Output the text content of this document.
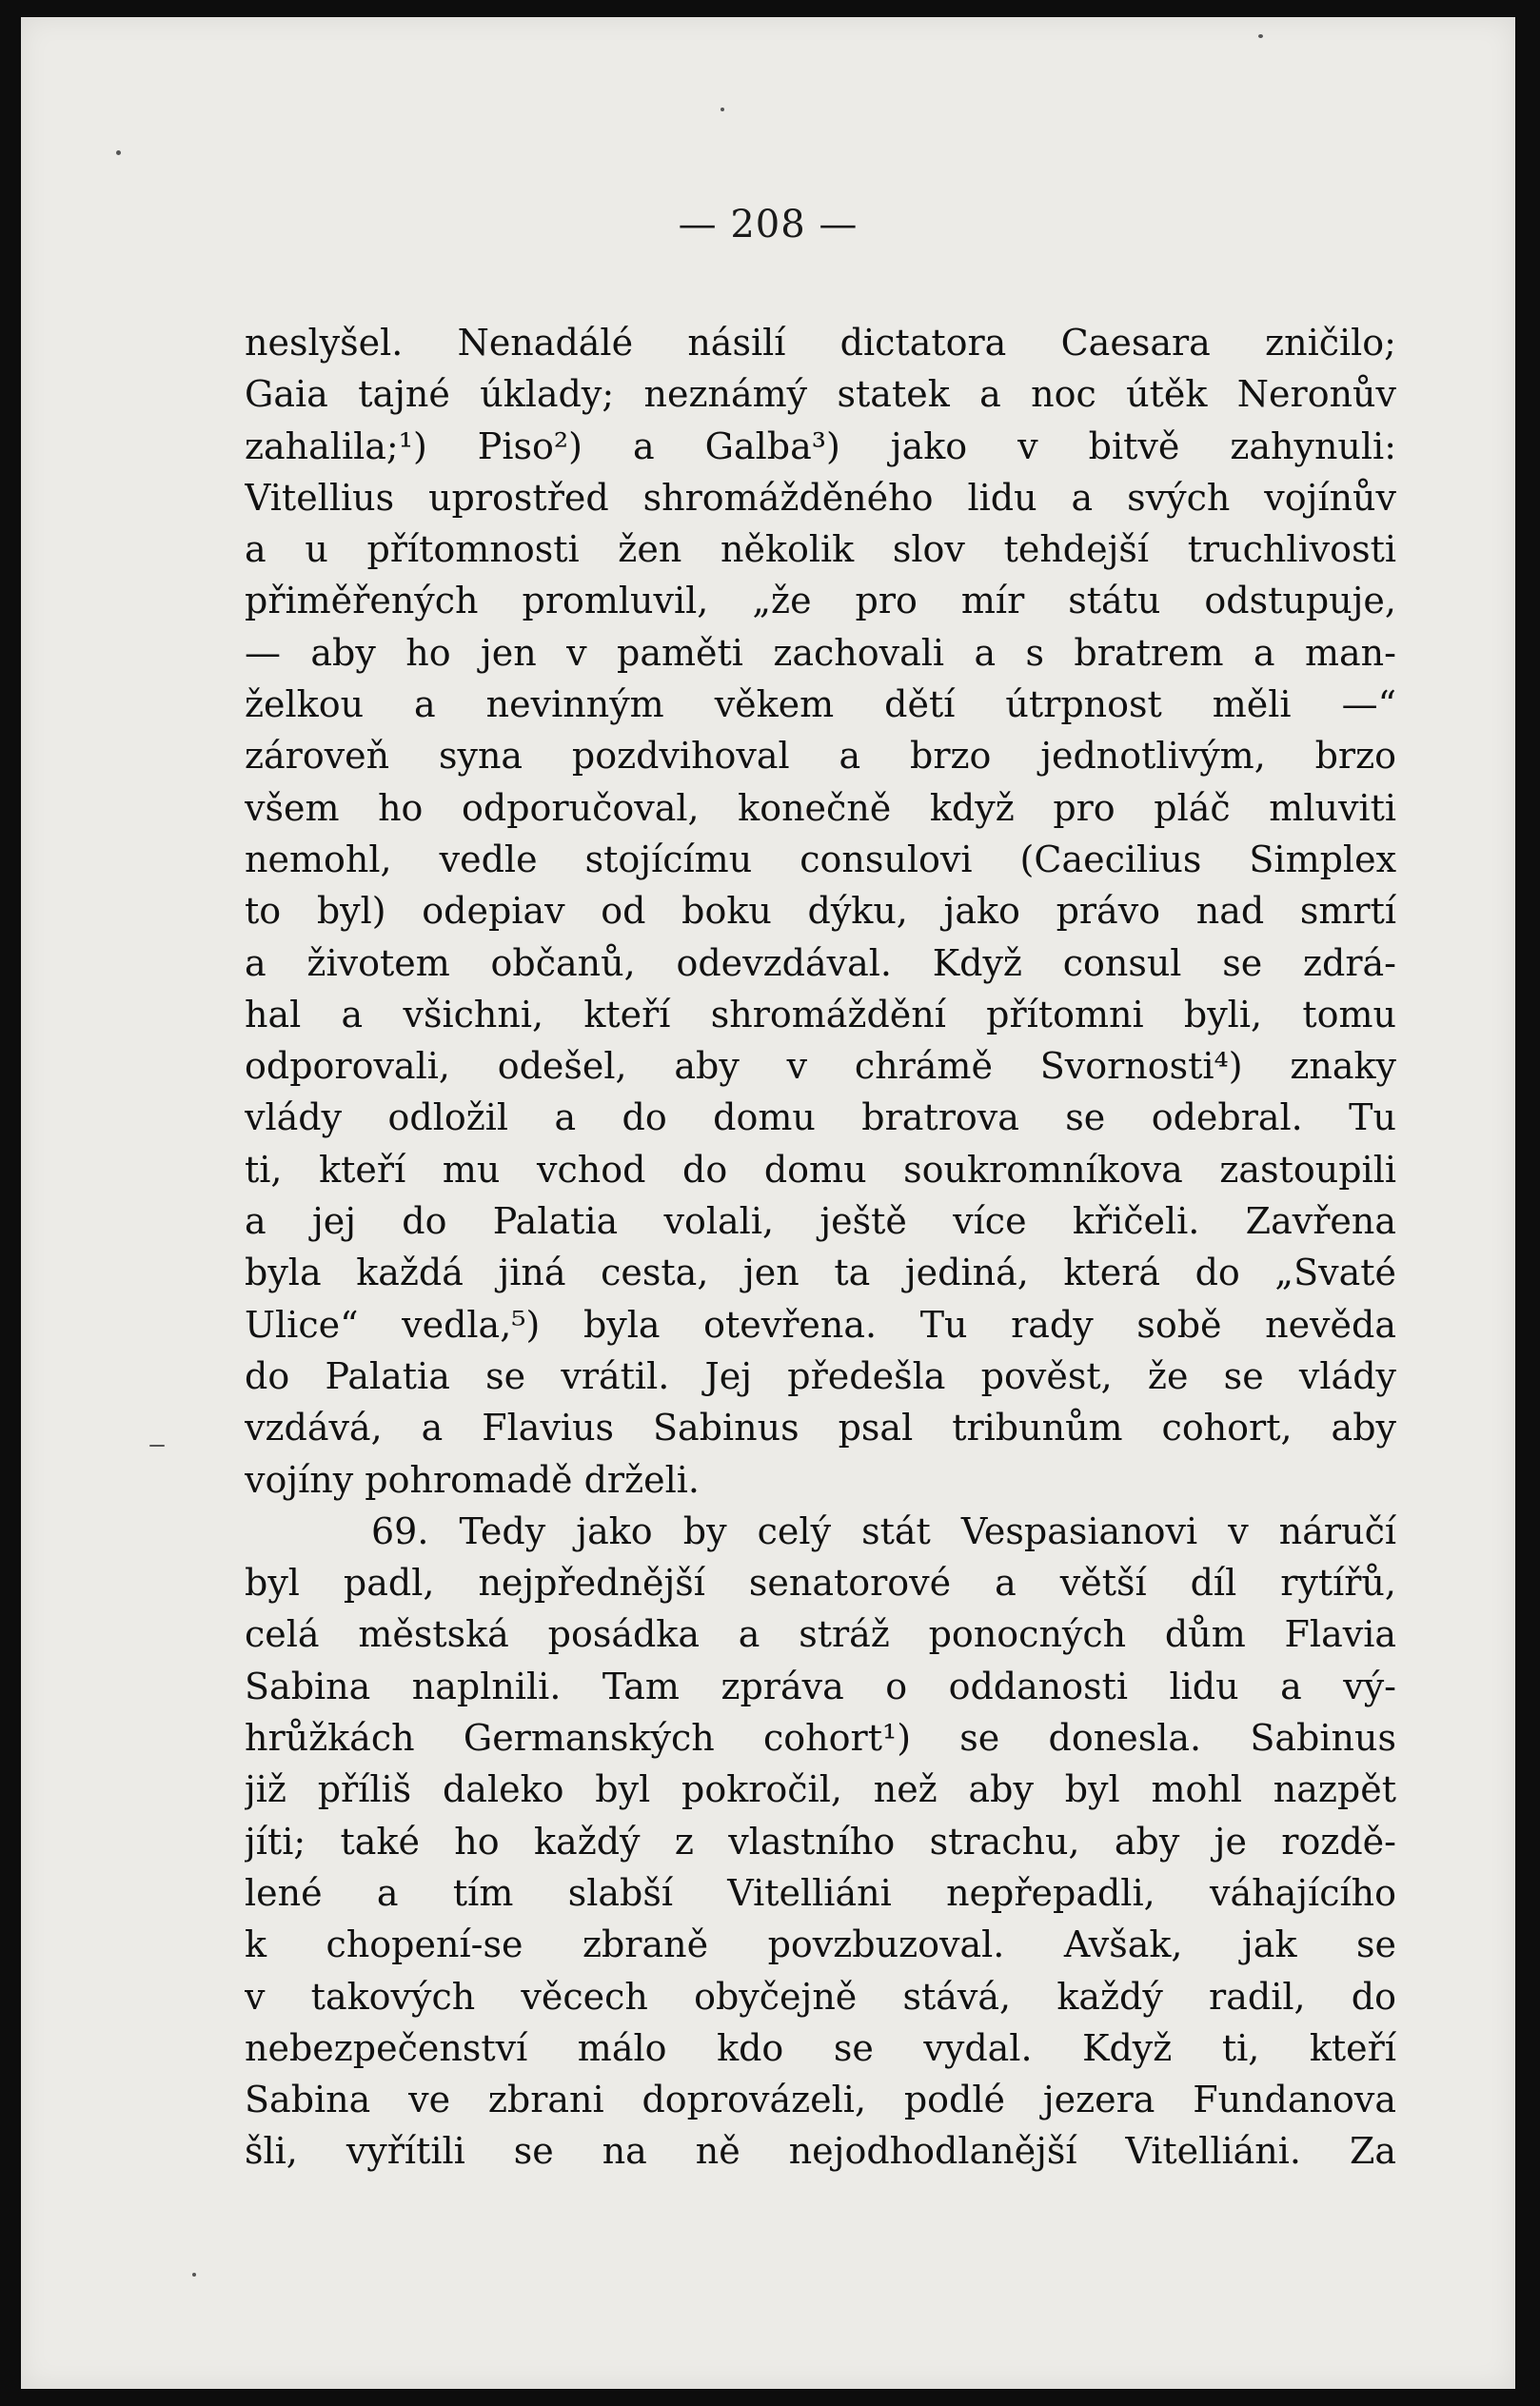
— 208 —
neslyšel. Nenadálé násilí dictatora Caesara zničilo;
Gaia tajné úklady; neznámý statek a noc útěk Neronův
zahalila;¹) Piso²) a Galba³) jako v bitvě zahynuli:
Vitellius uprostřed shromážděného lidu a svých vojínův
a u přítomnosti žen několik slov tehdejší truchlivosti
přiměřených promluvil, „že pro mír státu odstupuje,
— aby ho jen v paměti zachovali a s bratrem a man-
želkou a nevinným věkem dětí útrpnost měli —“
zároveň syna pozdvihoval a brzo jednotlivým, brzo
všem ho odporučoval, konečně když pro pláč mluviti
nemohl, vedle stojícímu consulovi (Caecilius Simplex
to byl) odepiav od boku dýku, jako právo nad smrtí
a životem občanů, odevzdával. Když consul se zdrá-
hal a všichni, kteří shromáždění přítomni byli, tomu
odporovali, odešel, aby v chrámě Svornosti⁴) znaky
vlády odložil a do domu bratrova se odebral. Tu
ti, kteří mu vchod do domu soukromníkova zastoupili
a jej do Palatia volali, ještě více křičeli. Zavřena
byla každá jiná cesta, jen ta jediná, která do „Svaté
Ulice“ vedla,⁵) byla otevřena. Tu rady sobě nevěda
do Palatia se vrátil. Jej předešla pověst, že se vlády
vzdává, a Flavius Sabinus psal tribunům cohort, aby
vojíny pohromadě drželi.
69. Tedy jako by celý stát Vespasianovi v náručí
byl padl, nejpřednější senatorové a větší díl rytířů,
celá městská posádka a stráž ponocných dům Flavia
Sabina naplnili. Tam zpráva o oddanosti lidu a vý-
hrůžkách Germanských cohort¹) se donesla. Sabinus
již příliš daleko byl pokročil, než aby byl mohl nazpět
jíti; také ho každý z vlastního strachu, aby je rozdě-
lené a tím slabší Vitelliáni nepřepadli, váhajícího
k chopení-se zbraně povzbuzoval. Avšak, jak se
v takových věcech obyčejně stává, každý radil, do
nebezpečenství málo kdo se vydal. Když ti, kteří
Sabina ve zbrani doprovázeli, podlé jezera Fundanova
šli, vyřítili se na ně nejodhodlanější Vitelliáni. Za
